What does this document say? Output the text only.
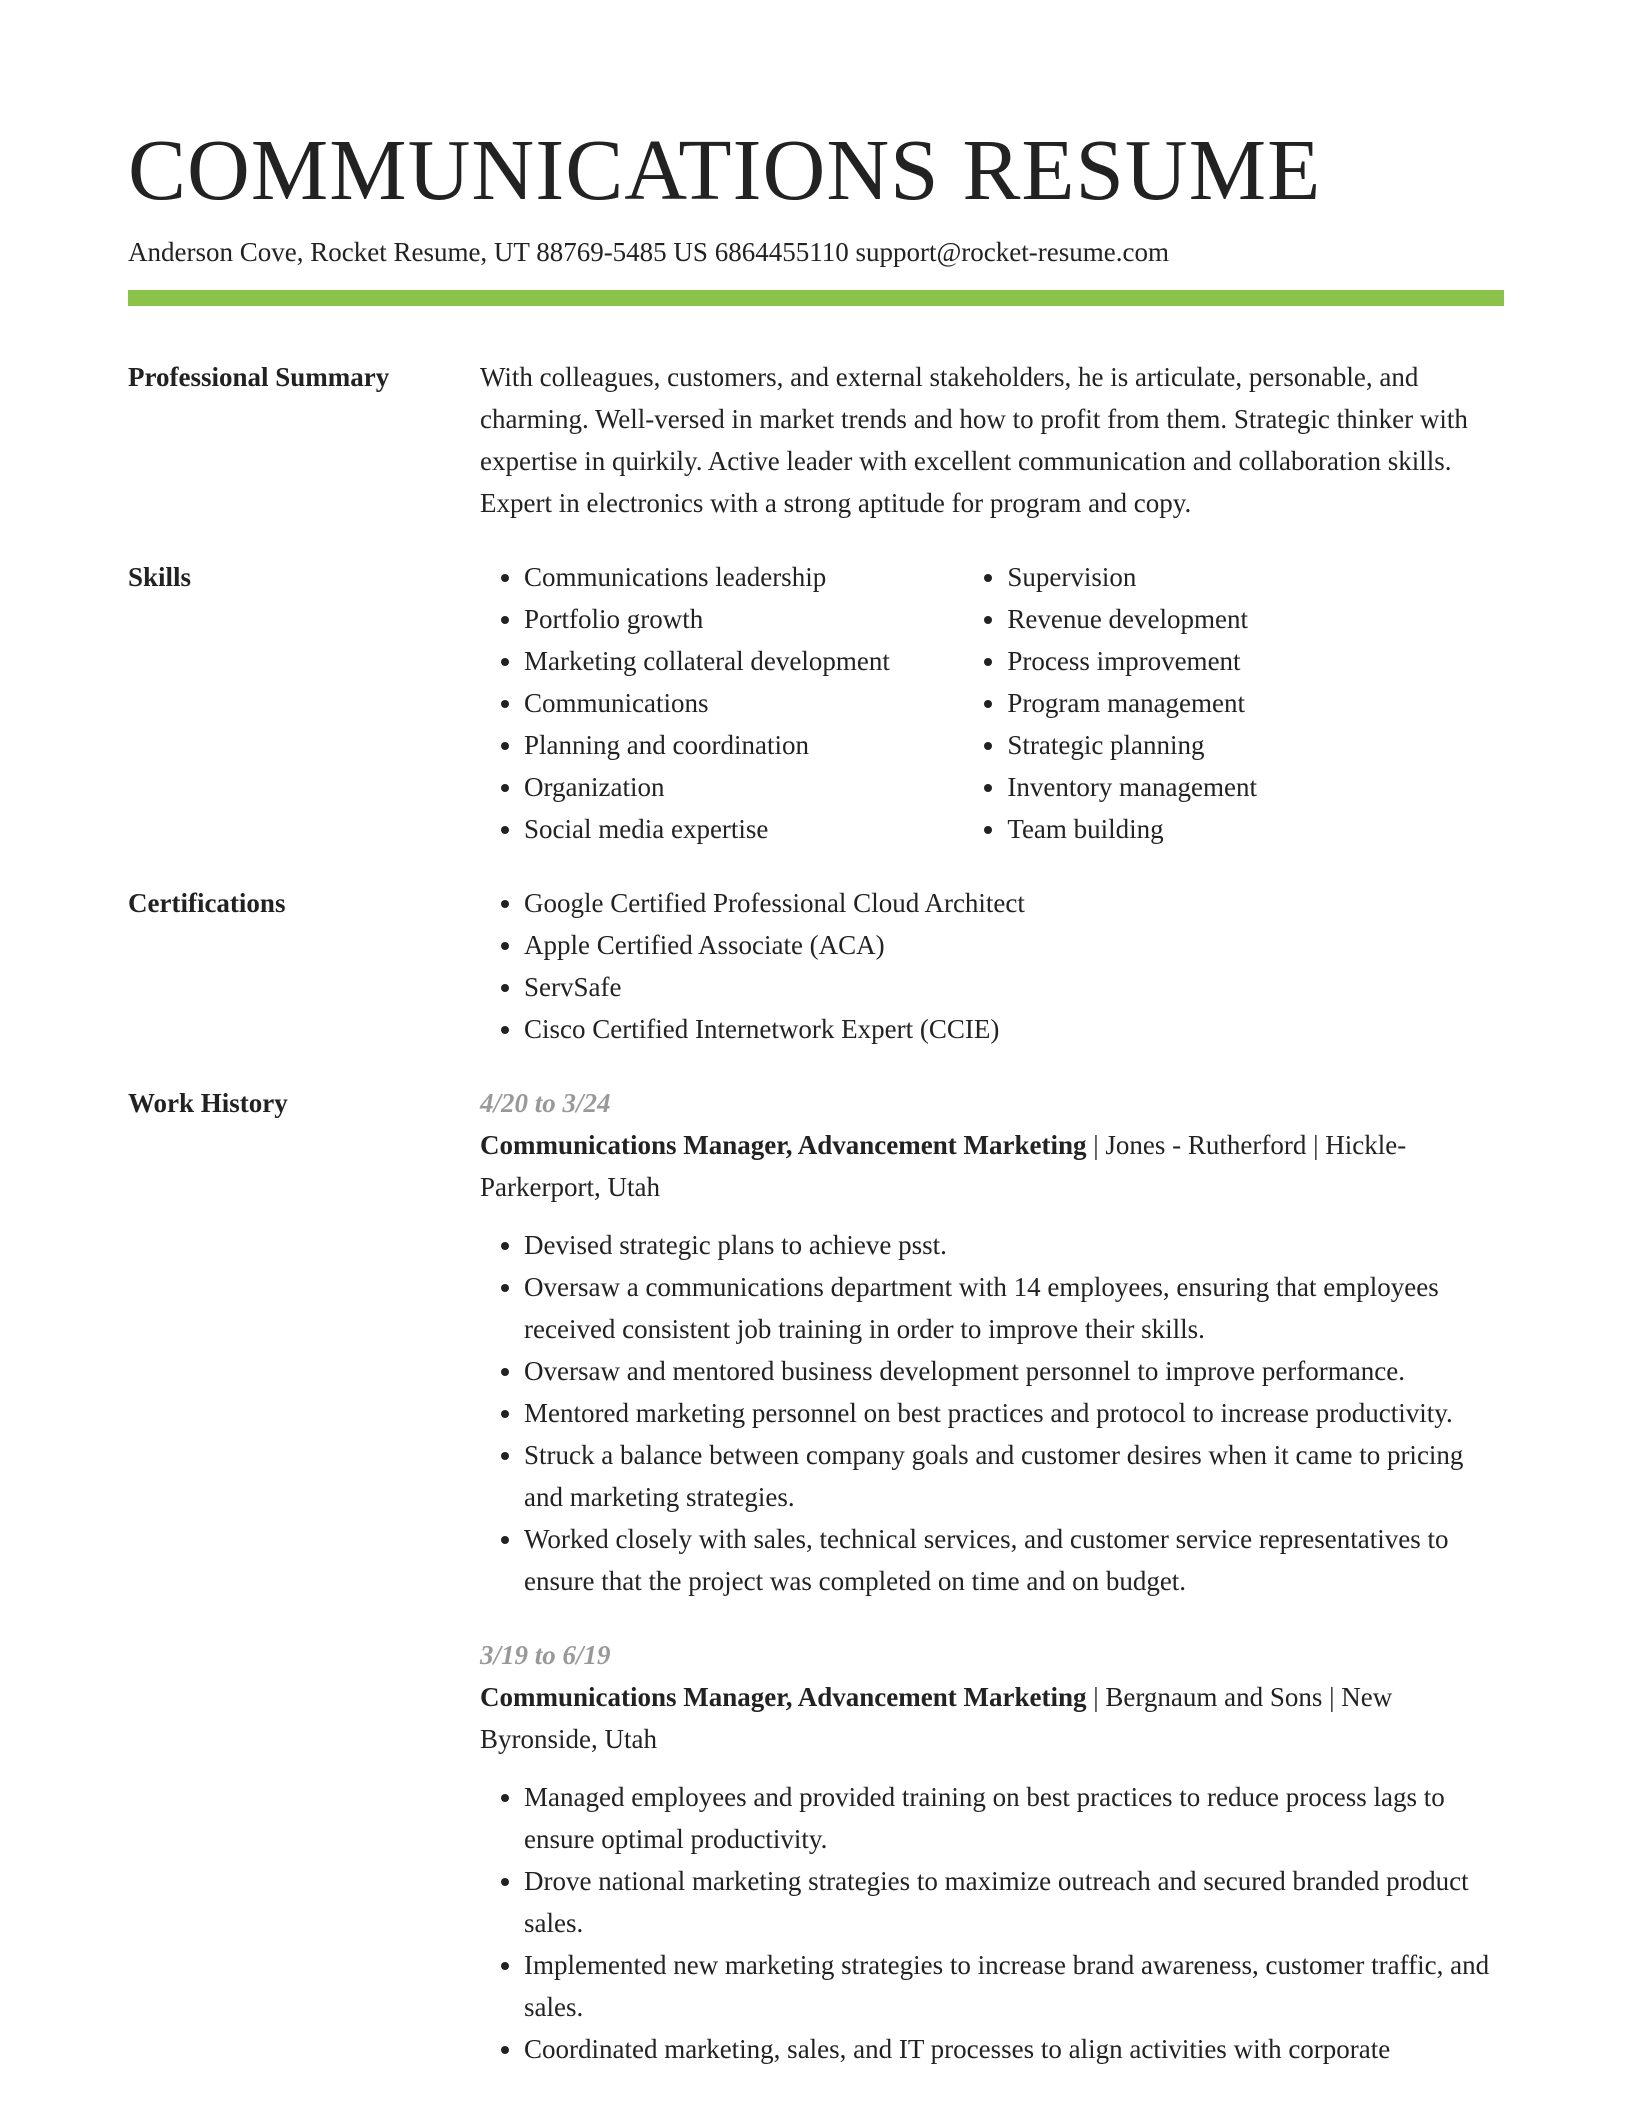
COMMUNICATIONS RESUME
Anderson Cove, Rocket Resume, UT 88769-5485 US 6864455110 support@rocket-resume.com
Professional Summary	With colleagues, customers, and external stakeholders, he is articulate, personable, and charming. Well-versed in market trends and how to profit from them. Strategic thinker with expertise in quirkily. Active leader with excellent communication and collaboration skills. Expert in electronics with a strong aptitude for program and copy.

Skills	• Communications leadership
• Portfolio growth
• Marketing collateral development
• Communications
• Planning and coordination
• Organization
• Social media expertise
• Supervision
• Revenue development
• Process improvement
• Program management
• Strategic planning
• Inventory management
• Team building
Certifications	• Google Certified Professional Cloud Architect
• Apple Certified Associate (ACA)
• ServSafe
• Cisco Certified Internetwork Expert (CCIE)
Work History	4/20 to 3/24
Communications Manager, Advancement Marketing | Jones - Rutherford | Hickle-Parkerport, Utah
• Devised strategic plans to achieve psst.
• Oversaw a communications department with 14 employees, ensuring that employees received consistent job training in order to improve their skills.
• Oversaw and mentored business development personnel to improve performance.
• Mentored marketing personnel on best practices and protocol to increase productivity.
• Struck a balance between company goals and customer desires when it came to pricing and marketing strategies.
• Worked closely with sales, technical services, and customer service representatives to ensure that the project was completed on time and on budget.
3/19 to 6/19
Communications Manager, Advancement Marketing | Bergnaum and Sons | New Byronside, Utah
• Managed employees and provided training on best practices to reduce process lags to ensure optimal productivity.
• Drove national marketing strategies to maximize outreach and secured branded product sales.
• Implemented new marketing strategies to increase brand awareness, customer traffic, and sales.
• Coordinated marketing, sales, and IT processes to align activities with corporate
